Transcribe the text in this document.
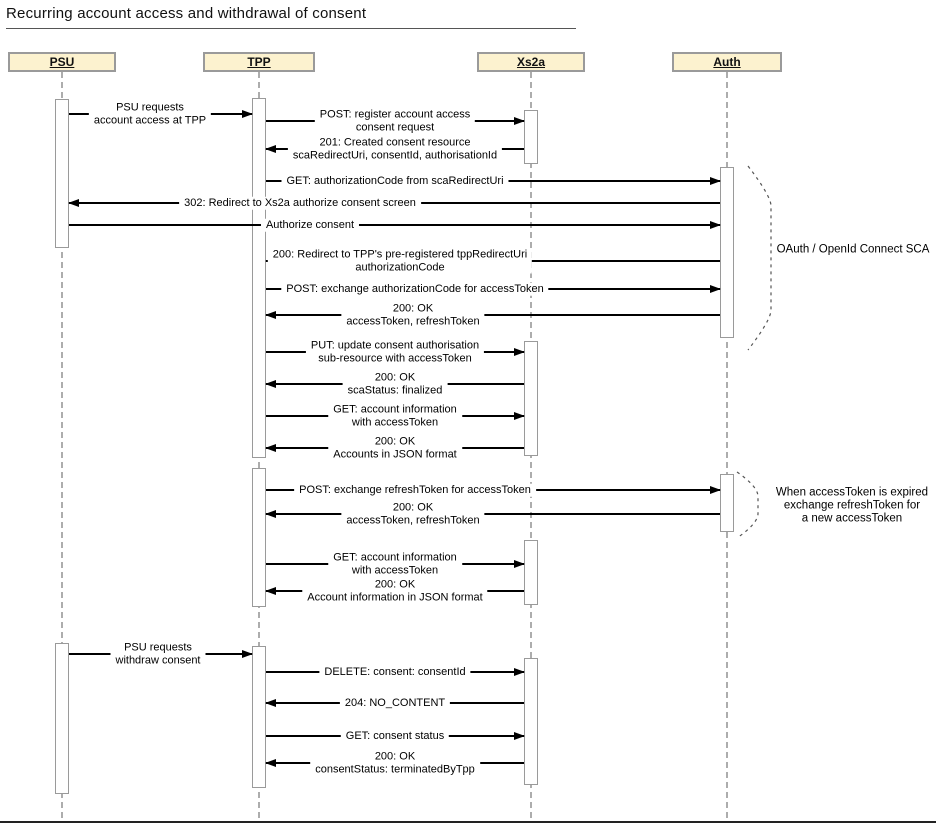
Recurring account access and withdrawal of consent
PSU	TPP	Xs2a	Auth
PSU requests
account access at TPP	POST: register account access
consent request
201: Created consent resource
scaRedirectUri, consentId, authorisationId
GET: authorizationCode from scaRedirectUri
302: Redirect to Xs2a authorize consent screen
Authorize consent
200: Redirect to TPP's pre-registered tppRedirectUri
authorizationCode
POST: exchange authorizationCode for accessToken
200: OK
accessToken, refreshToken
PUT: update consent authorisation
sub-resource with accessToken
200: OK
scaStatus: finalized
GET: account information
with accessToken
200: OK
Accounts in JSON format
POST: exchange refreshToken for accessToken
200: OK
accessToken, refreshToken
GET: account information
with accessToken
200: OK
Account information in JSON format
PSU requests
withdraw consent
DELETE: consent: consentId
204: NO_CONTENT
GET: consent status
200: OK
consentStatus: terminatedByTpp
OAuth / OpenId Connect SCA
When accessToken is expired
exchange refreshToken for
a new accessToken
